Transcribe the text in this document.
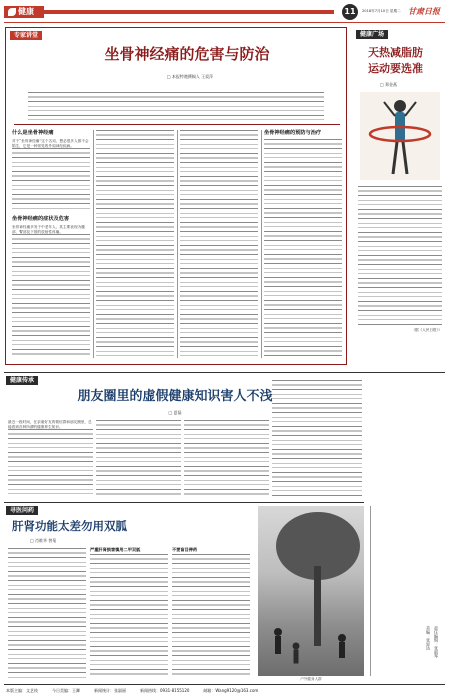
健康	11	2018年7月10日 星期二 甘肃日报
专家讲堂
坐骨神经痛的危害与防治
□ 本报特邀撰稿人 王爱萍
什么是坐骨神经痛
对于“坐骨神经痛”这个名词，想必很多人都不会陌生，它是一种常见的外周神经疾病。
坐骨神经痛的症状及危害
坐骨神经痛多发于中老年人，其主要表现为腰部、臀部及下肢的放射性疼痛。
坐骨神经痛的预防与治疗
健康广场
天热减脂肪
运动要选准
□ 郑金燕
（据《人民日报》）
健康传承
朋友圈里的虚假健康知识害人不浅
□ 夏磊
最近一段时间，在亲朋好友的微信群和朋友圈里，总能看到各种所谓的健康养生知识。
寻医问药
肝肾功能太差勿用双胍
□ 肖维华 曾菊
严重肝肾损害慎用二甲双胍	不要盲目停药
户外健身人群
责任编辑：张淑琴
美编：张思达
本版主编：文艺枝	今日美编：王卿	新闻统计：张淑丽	新闻热线：0931-8155120	邮箱：Wang9120@163.com
